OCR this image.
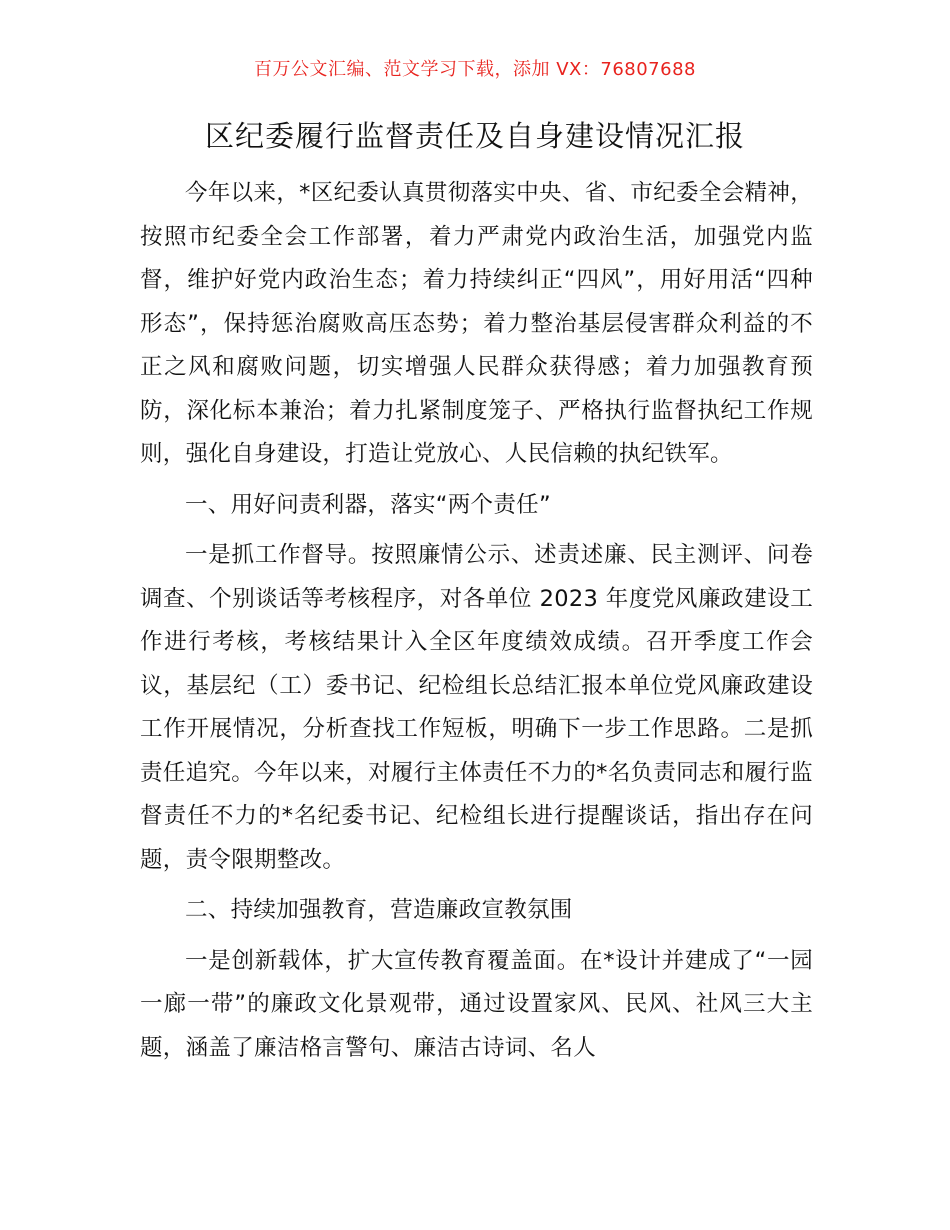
百万公文汇编、范文学习下载，添加 VX：76807688
区纪委履行监督责任及自身建设情况汇报

今年以来，*区纪委认真贯彻落实中央、省、市纪委全会精神，按照市纪委全会工作部署，着力严肃党内政治生活，加强党内监督，维护好党内政治生态；着力持续纠正“四风”，用好用活“四种形态”，保持惩治腐败高压态势；着力整治基层侵害群众利益的不正之风和腐败问题，切实增强人民群众获得感；着力加强教育预防，深化标本兼治；着力扎紧制度笼子、严格执行监督执纪工作规则，强化自身建设，打造让党放心、人民信赖的执纪铁军。

一、用好问责利器，落实“两个责任”

一是抓工作督导。按照廉情公示、述责述廉、民主测评、问卷调查、个别谈话等考核程序，对各单位 2023 年度党风廉政建设工作进行考核，考核结果计入全区年度绩效成绩。召开季度工作会议，基层纪（工）委书记、纪检组长总结汇报本单位党风廉政建设工作开展情况，分析查找工作短板，明确下一步工作思路。二是抓责任追究。今年以来，对履行主体责任不力的*名负责同志和履行监督责任不力的*名纪委书记、纪检组长进行提醒谈话，指出存在问题，责令限期整改。

二、持续加强教育，营造廉政宣教氛围

一是创新载体，扩大宣传教育覆盖面。在*设计并建成了“一园一廊一带”的廉政文化景观带，通过设置家风、民风、社风三大主题，涵盖了廉洁格言警句、廉洁古诗词、名人
